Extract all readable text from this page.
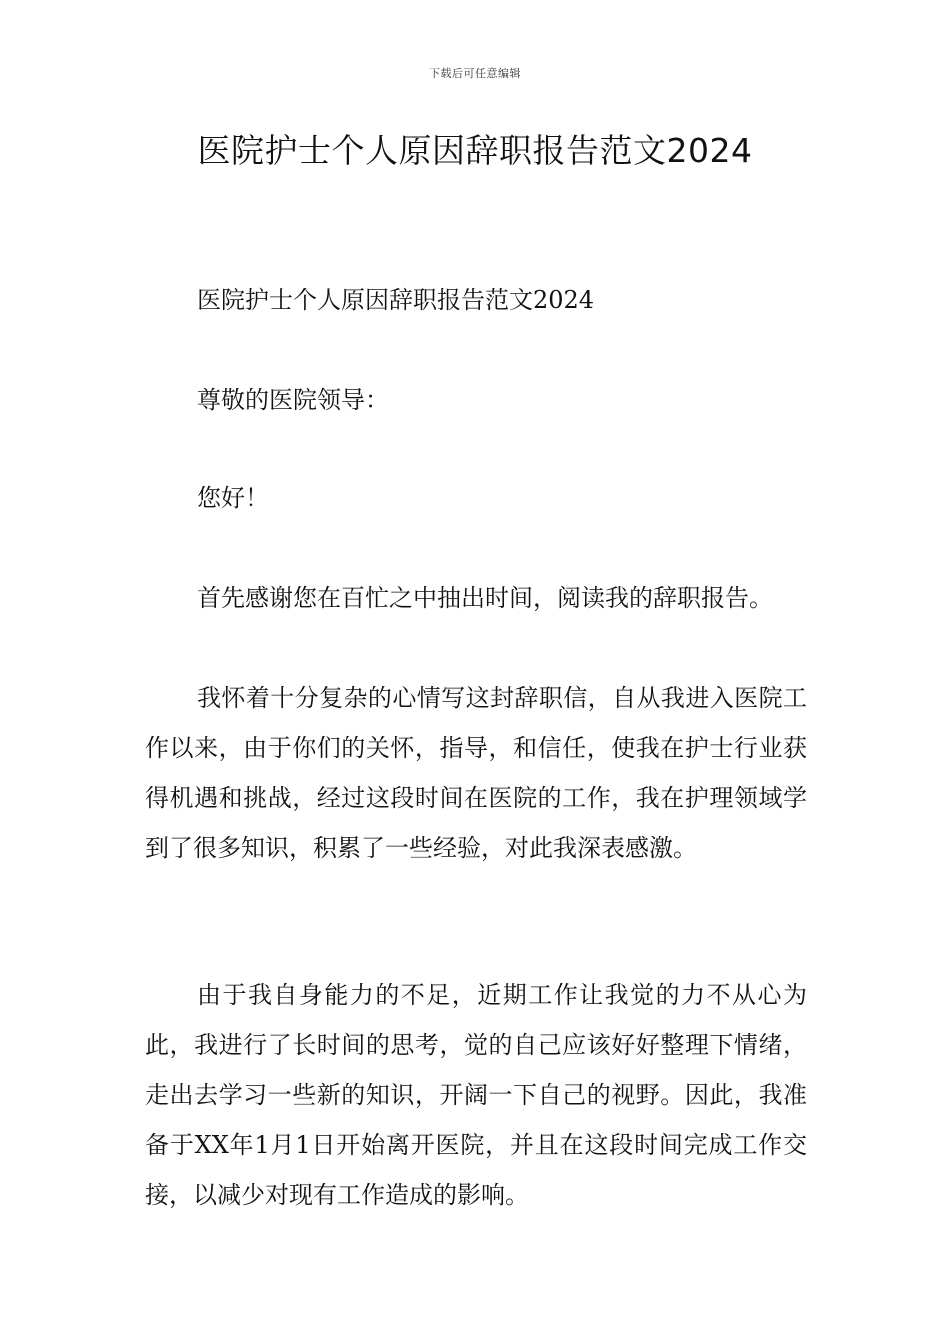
下载后可任意编辑
医院护士个人原因辞职报告范文2024

医院护士个人原因辞职报告范文2024

尊敬的医院领导：

您好！

首先感谢您在百忙之中抽出时间，阅读我的辞职报告。

我怀着十分复杂的心情写这封辞职信，自从我进入医院工作以来，由于你们的关怀，指导，和信任，使我在护士行业获得机遇和挑战，经过这段时间在医院的工作，我在护理领域学到了很多知识，积累了一些经验，对此我深表感激。

由于我自身能力的不足，近期工作让我觉的力不从心为此，我进行了长时间的思考，觉的自己应该好好整理下情绪，走出去学习一些新的知识，开阔一下自己的视野。因此，我准备于XX年1月1日开始离开医院，并且在这段时间完成工作交接，以减少对现有工作造成的影响。
